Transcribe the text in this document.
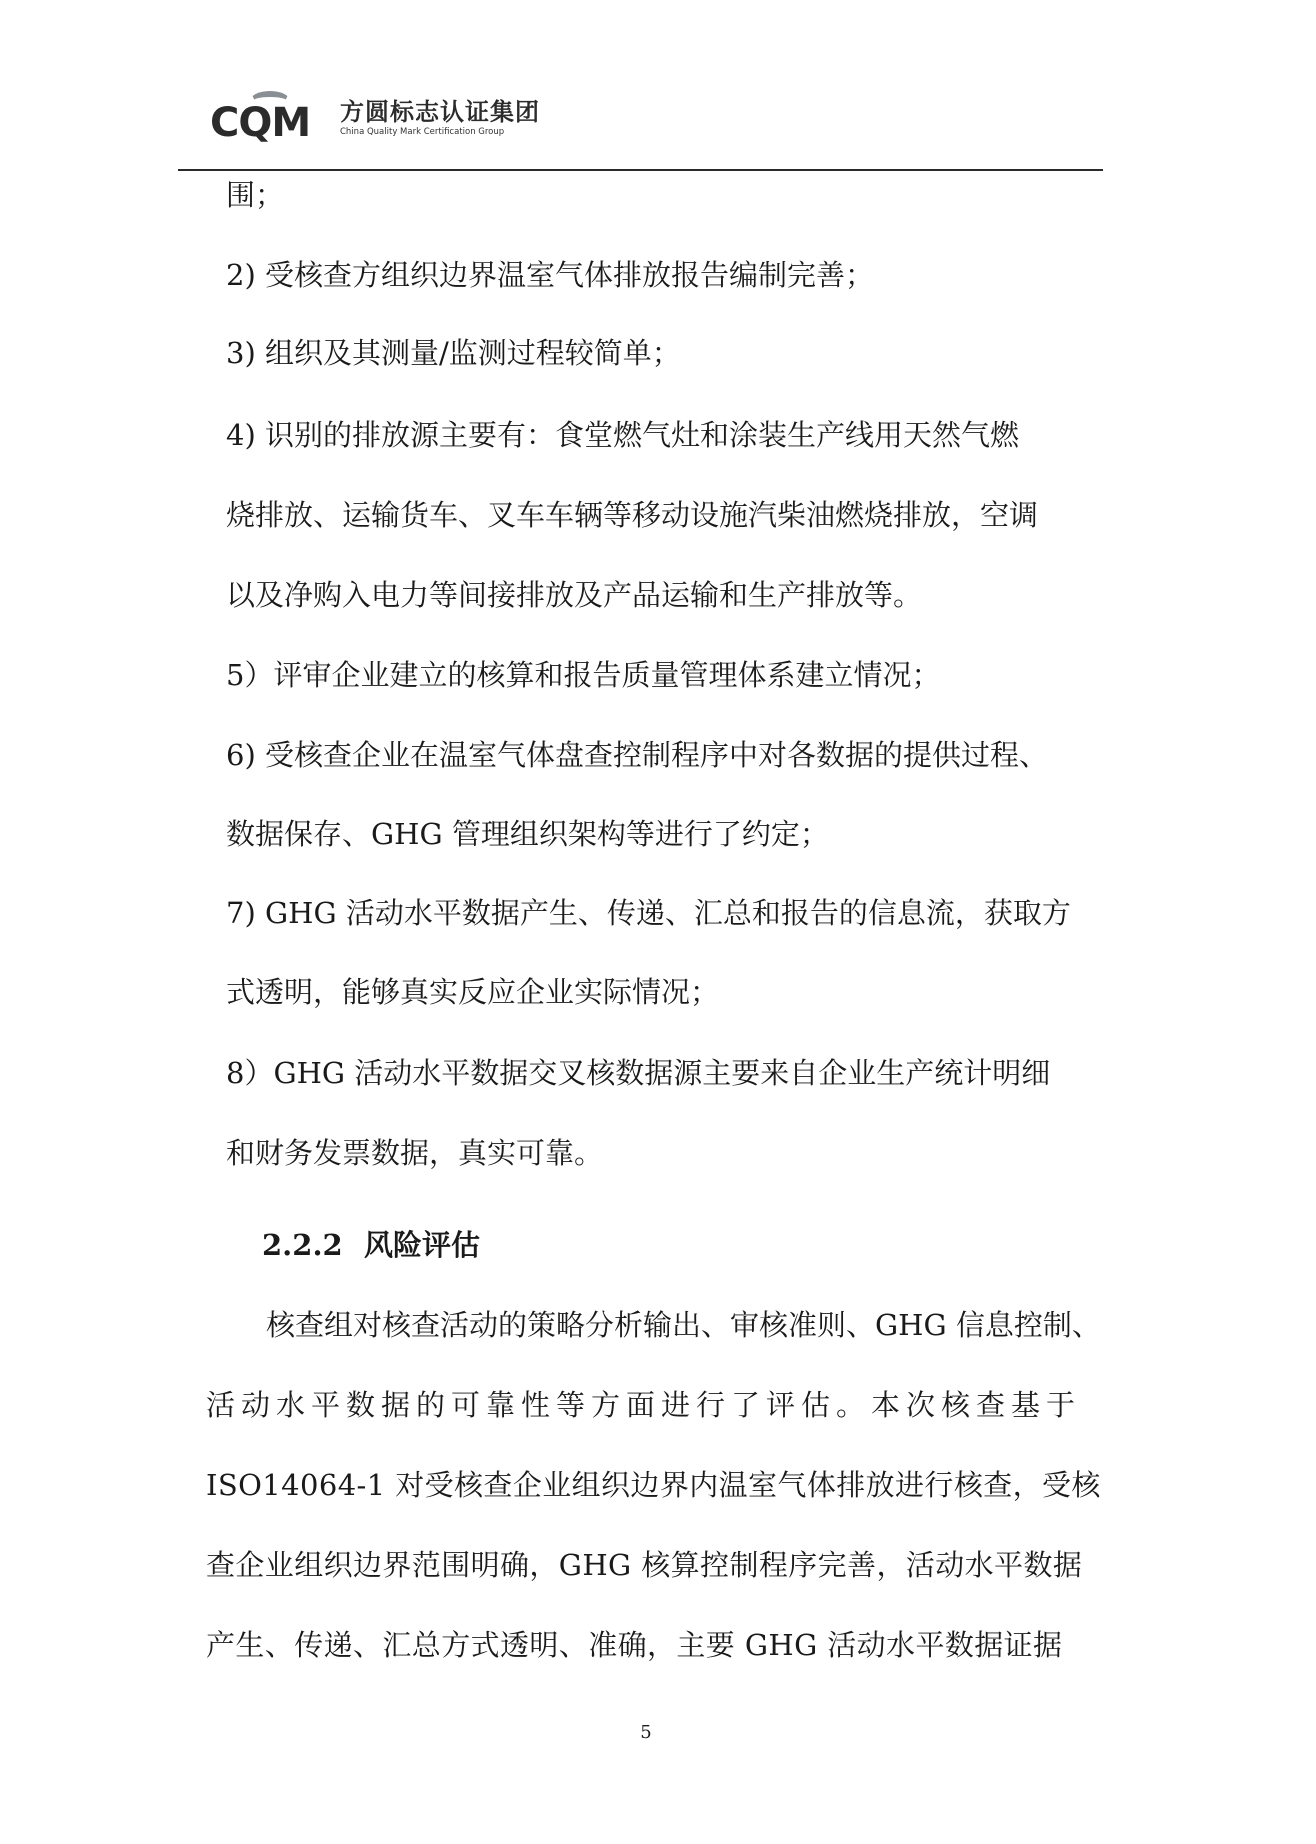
CQM 方圆标志认证集团
China Quality Mark Certification Group
围；
2) 受核查方组织边界温室气体排放报告编制完善；
3) 组织及其测量/监测过程较简单；
4) 识别的排放源主要有：食堂燃气灶和涂装生产线用天然气燃
烧排放、运输货车、叉车车辆等移动设施汽柴油燃烧排放，空调
以及净购入电力等间接排放及产品运输和生产排放等。
5）评审企业建立的核算和报告质量管理体系建立情况；
6) 受核查企业在温室气体盘查控制程序中对各数据的提供过程、
数据保存、GHG 管理组织架构等进行了约定；
7) GHG 活动水平数据产生、传递、汇总和报告的信息流，获取方
式透明，能够真实反应企业实际情况；
8）GHG 活动水平数据交叉核数据源主要来自企业生产统计明细
和财务发票数据，真实可靠。
2.2.2 风险评估
核查组对核查活动的策略分析输出、审核准则、GHG 信息控制、
活动水平数据的可靠性等方面进行了评估。本次核查基于
ISO14064-1 对受核查企业组织边界内温室气体排放进行核查，受核
查企业组织边界范围明确，GHG 核算控制程序完善，活动水平数据
产生、传递、汇总方式透明、准确，主要 GHG 活动水平数据证据
5
